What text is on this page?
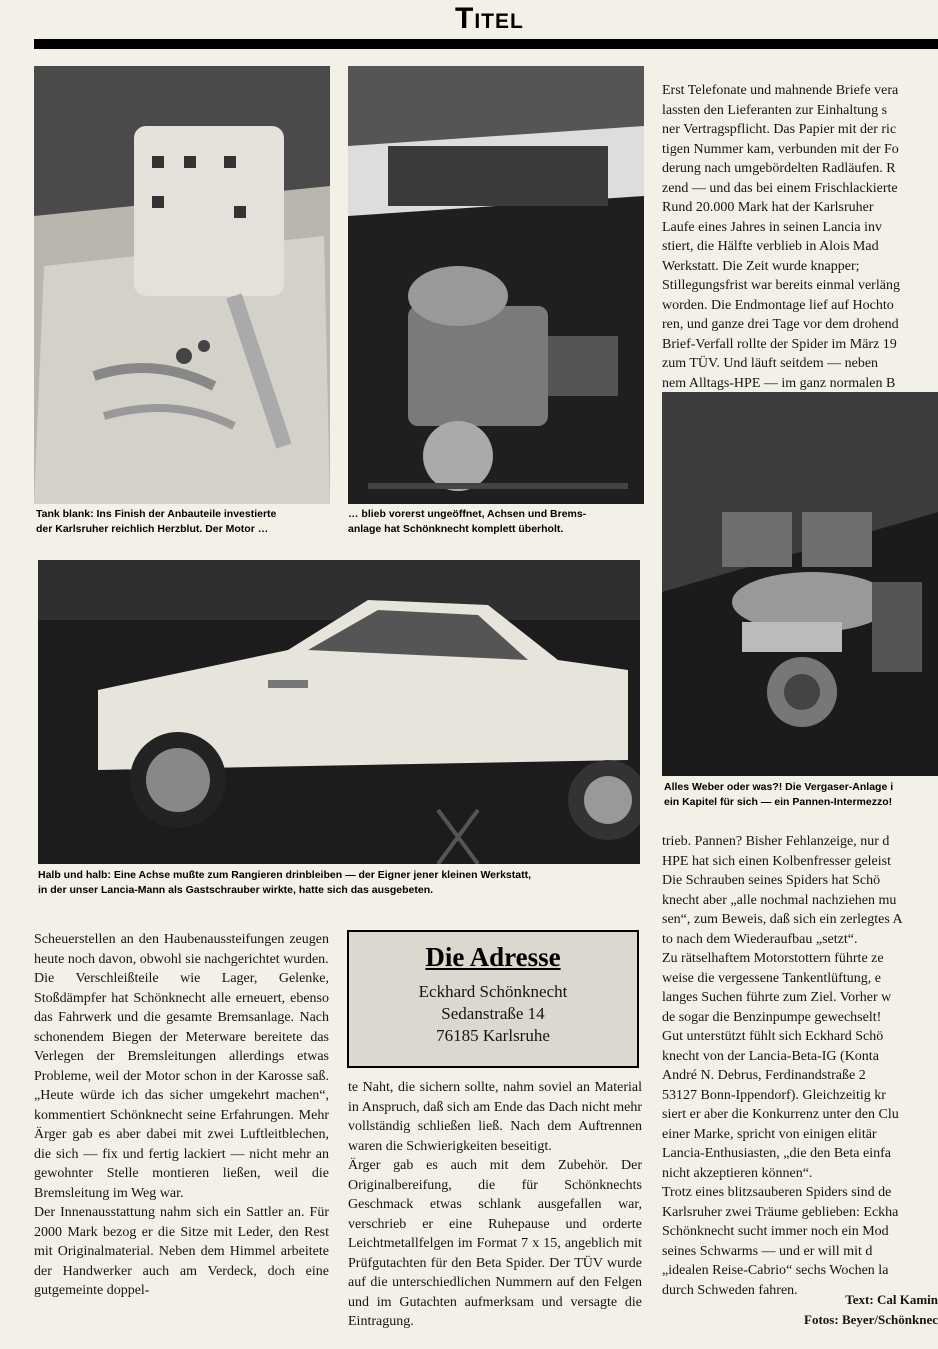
Titel
Tank blank: Ins Finish der Anbauteile investierte
der Karlsruher reichlich Herzblut. Der Motor …
… blieb vorerst ungeöffnet, Achsen und Brems-
anlage hat Schönknecht komplett überholt.
Halb und halb: Eine Achse mußte zum Rangieren drinbleiben — der Eigner jener kleinen Werkstatt,
in der unser Lancia-Mann als Gastschrauber wirkte, hatte sich das ausgebeten.
Alles Weber oder was?! Die Vergaser-Anlage i
ein Kapitel für sich — ein Pannen-Intermezzo!

Scheuerstellen an den Haubenaussteifungen zeugen heute noch davon, obwohl sie nachgerichtet wurden.

Die Verschleißteile wie Lager, Gelenke, Stoßdämpfer hat Schönknecht alle erneuert, ebenso das Fahrwerk und die gesamte Bremsanlage. Nach schonendem Biegen der Meterware bereitete das Verlegen der Bremsleitungen allerdings etwas Probleme, weil der Motor schon in der Karosse saß. „Heute würde ich das sicher umgekehrt machen“, kommentiert Schönknecht seine Erfahrungen. Mehr Ärger gab es aber dabei mit zwei Luftleitblechen, die sich — fix und fertig lackiert — nicht mehr an gewohnter Stelle montieren ließen, weil die Bremsleitung im Weg war.

Der Innenausstattung nahm sich ein Sattler an. Für 2000 Mark bezog er die Sitze mit Leder, den Rest mit Originalmaterial. Neben dem Himmel arbeitete der Handwerker auch am Verdeck, doch eine gutgemeinte doppel-

Die Adresse
Eckhard Schönknecht
Sedanstraße 14
76185 Karlsruhe

te Naht, die sichern sollte, nahm soviel an Material in Anspruch, daß sich am Ende das Dach nicht mehr vollständig schließen ließ. Nach dem Auftrennen waren die Schwierigkeiten beseitigt.

Ärger gab es auch mit dem Zubehör. Der Originalbereifung, die für Schönknechts Geschmack etwas schlank ausgefallen war, verschrieb er eine Ruhepause und orderte Leichtmetallfelgen im Format 7 x 15, angeblich mit Prüfgutachten für den Beta Spider. Der TÜV wurde auf die unterschiedlichen Nummern auf den Felgen und im Gutachten aufmerksam und versagte die Eintragung.

Erst Telefonate und mahnende Briefe vera
lassten den Lieferanten zur Einhaltung s
ner Vertragspflicht. Das Papier mit der ric
tigen Nummer kam, verbunden mit der Fo
derung nach umgebördelten Radläufen. R
zend — und das bei einem Frischlackierte
Rund 20.000 Mark hat der Karlsruher
Laufe eines Jahres in seinen Lancia inv
stiert, die Hälfte verblieb in Alois Mad
Werkstatt. Die Zeit wurde knapper;
Stillegungsfrist war bereits einmal verläng
worden. Die Endmontage lief auf Hochto
ren, und ganze drei Tage vor dem drohend
Brief-Verfall rollte der Spider im März 19
zum TÜV. Und läuft seitdem — neben
nem Alltags-HPE — im ganz normalen B

trieb. Pannen? Bisher Fehlanzeige, nur d
HPE hat sich einen Kolbenfresser geleist
Die Schrauben seines Spiders hat Schö
knecht aber „alle nochmal nachziehen mu
sen“, zum Beweis, daß sich ein zerlegtes A
to nach dem Wiederaufbau „setzt“.

Zu rätselhaftem Motorstottern führte ze
weise die vergessene Tankentlüftung, e
langes Suchen führte zum Ziel. Vorher w
de sogar die Benzinpumpe gewechselt!

Gut unterstützt fühlt sich Eckhard Schö
knecht von der Lancia-Beta-IG (Konta
André N. Debrus, Ferdinandstraße 2
53127 Bonn-Ippendorf). Gleichzeitig kr
siert er aber die Konkurrenz unter den Clu
einer Marke, spricht von einigen elitär
Lancia-Enthusiasten, „die den Beta einfa
nicht akzeptieren können“.

Trotz eines blitzsauberen Spiders sind de
Karlsruher zwei Träume geblieben: Eckha
Schönknecht sucht immer noch ein Mod
seines Schwarms — und er will mit d
„idealen Reise-Cabrio“ sechs Wochen la
durch Schweden fahren.

Text: Cal Kamin
Fotos: Beyer/Schönknec
